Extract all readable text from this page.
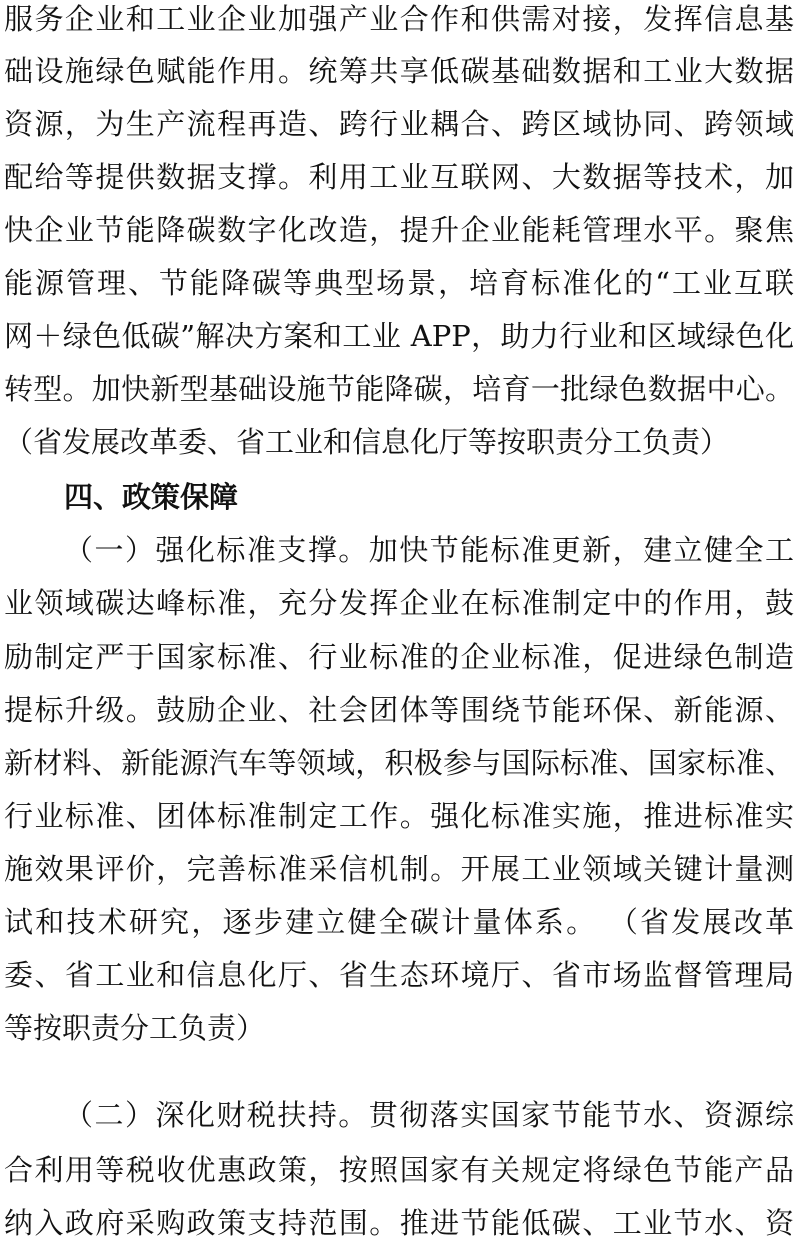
服务企业和工业企业加强产业合作和供需对接，发挥信息基
础设施绿色赋能作用。统筹共享低碳基础数据和工业大数据
资源，为生产流程再造、跨行业耦合、跨区域协同、跨领域
配给等提供数据支撑。利用工业互联网、大数据等技术，加
快企业节能降碳数字化改造，提升企业能耗管理水平。聚焦
能源管理、节能降碳等典型场景，培育标准化的“工业互联
网＋绿色低碳”解决方案和工业 APP，助力行业和区域绿色化
转型。加快新型基础设施节能降碳，培育一批绿色数据中心。
（省发展改革委、省工业和信息化厅等按职责分工负责）
四、政策保障
（一）强化标准支撑。加快节能标准更新，建立健全工
业领域碳达峰标准，充分发挥企业在标准制定中的作用，鼓
励制定严于国家标准、行业标准的企业标准，促进绿色制造
提标升级。鼓励企业、社会团体等围绕节能环保、新能源、
新材料、新能源汽车等领域，积极参与国际标准、国家标准、
行业标准、团体标准制定工作。强化标准实施，推进标准实
施效果评价，完善标准采信机制。开展工业领域关键计量测
试和技术研究，逐步建立健全碳计量体系。 （省发展改革
委、省工业和信息化厅、省生态环境厅、省市场监督管理局
等按职责分工负责）
（二）深化财税扶持。贯彻落实国家节能节水、资源综
合利用等税收优惠政策，按照国家有关规定将绿色节能产品
纳入政府采购政策支持范围。推进节能低碳、工业节水、资
